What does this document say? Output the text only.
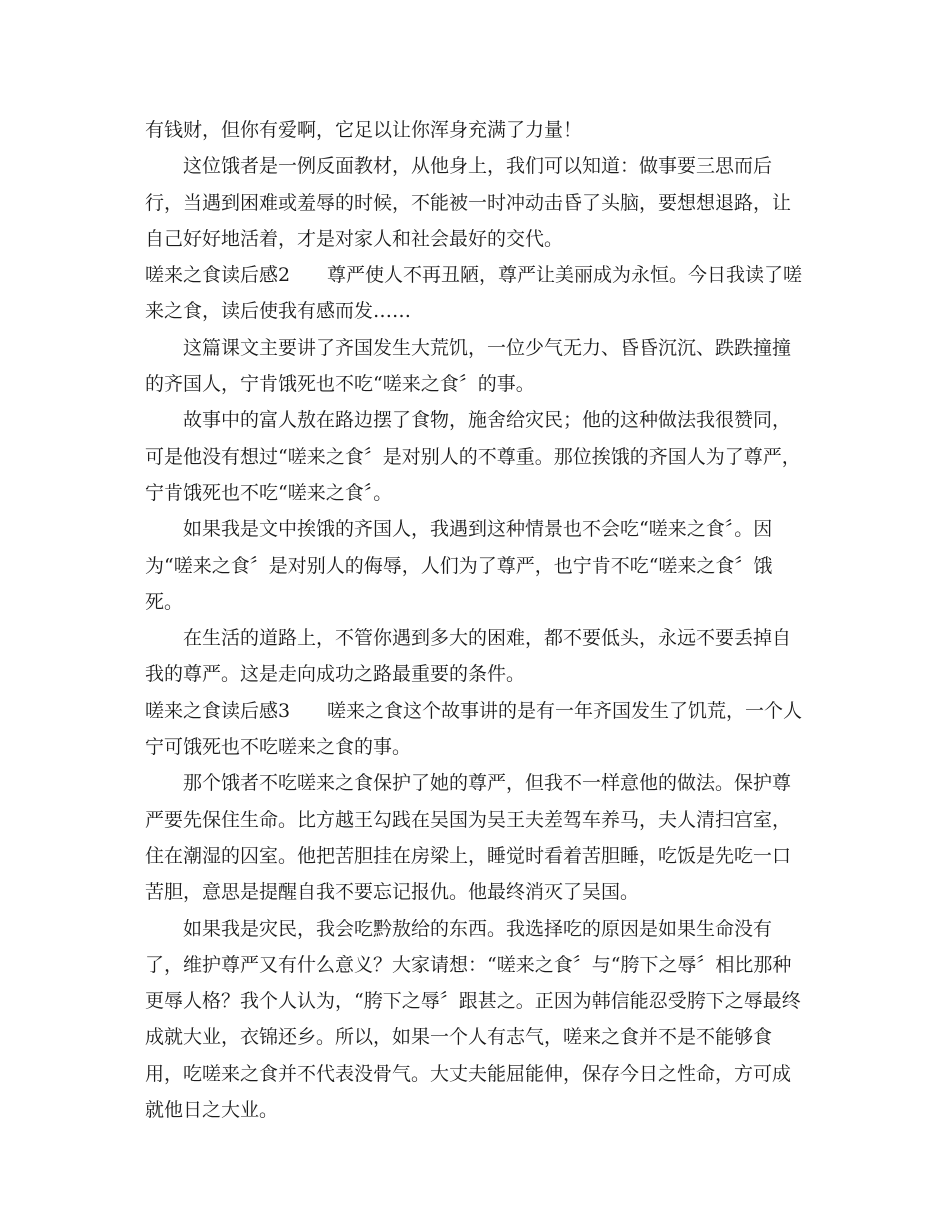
有钱财，但你有爱啊，它足以让你浑身充满了力量！

这位饿者是一例反面教材，从他身上，我们可以知道：做事要三思而后行，当遇到困难或羞辱的时候，不能被一时冲动击昏了头脑，要想想退路，让自己好好地活着，才是对家人和社会最好的交代。

嗟来之食读后感2 尊严使人不再丑陋，尊严让美丽成为永恒。今日我读了嗟来之食，读后使我有感而发……

这篇课文主要讲了齐国发生大荒饥，一位少气无力、昏昏沉沉、跌跌撞撞的齐国人，宁肯饿死也不吃“嗟来之食〞的事。

故事中的富人敖在路边摆了食物，施舍给灾民；他的这种做法我很赞同，可是他没有想过“嗟来之食〞是对别人的不尊重。那位挨饿的齐国人为了尊严，宁肯饿死也不吃“嗟来之食〞。

如果我是文中挨饿的齐国人，我遇到这种情景也不会吃“嗟来之食〞。因为“嗟来之食〞是对别人的侮辱，人们为了尊严，也宁肯不吃“嗟来之食〞饿死。

在生活的道路上，不管你遇到多大的困难，都不要低头，永远不要丢掉自我的尊严。这是走向成功之路最重要的条件。

嗟来之食读后感3 嗟来之食这个故事讲的是有一年齐国发生了饥荒，一个人宁可饿死也不吃嗟来之食的事。

那个饿者不吃嗟来之食保护了她的尊严，但我不一样意他的做法。保护尊严要先保住生命。比方越王勾践在吴国为吴王夫差驾车养马，夫人清扫宫室，住在潮湿的囚室。他把苦胆挂在房梁上，睡觉时看着苦胆睡，吃饭是先吃一口苦胆，意思是提醒自我不要忘记报仇。他最终消灭了吴国。

如果我是灾民，我会吃黔敖给的东西。我选择吃的原因是如果生命没有了，维护尊严又有什么意义？大家请想：“嗟来之食〞与“胯下之辱〞相比那种更辱人格？我个人认为，“胯下之辱〞跟甚之。正因为韩信能忍受胯下之辱最终成就大业，衣锦还乡。所以，如果一个人有志气，嗟来之食并不是不能够食用，吃嗟来之食并不代表没骨气。大丈夫能屈能伸，保存今日之性命，方可成就他日之大业。
